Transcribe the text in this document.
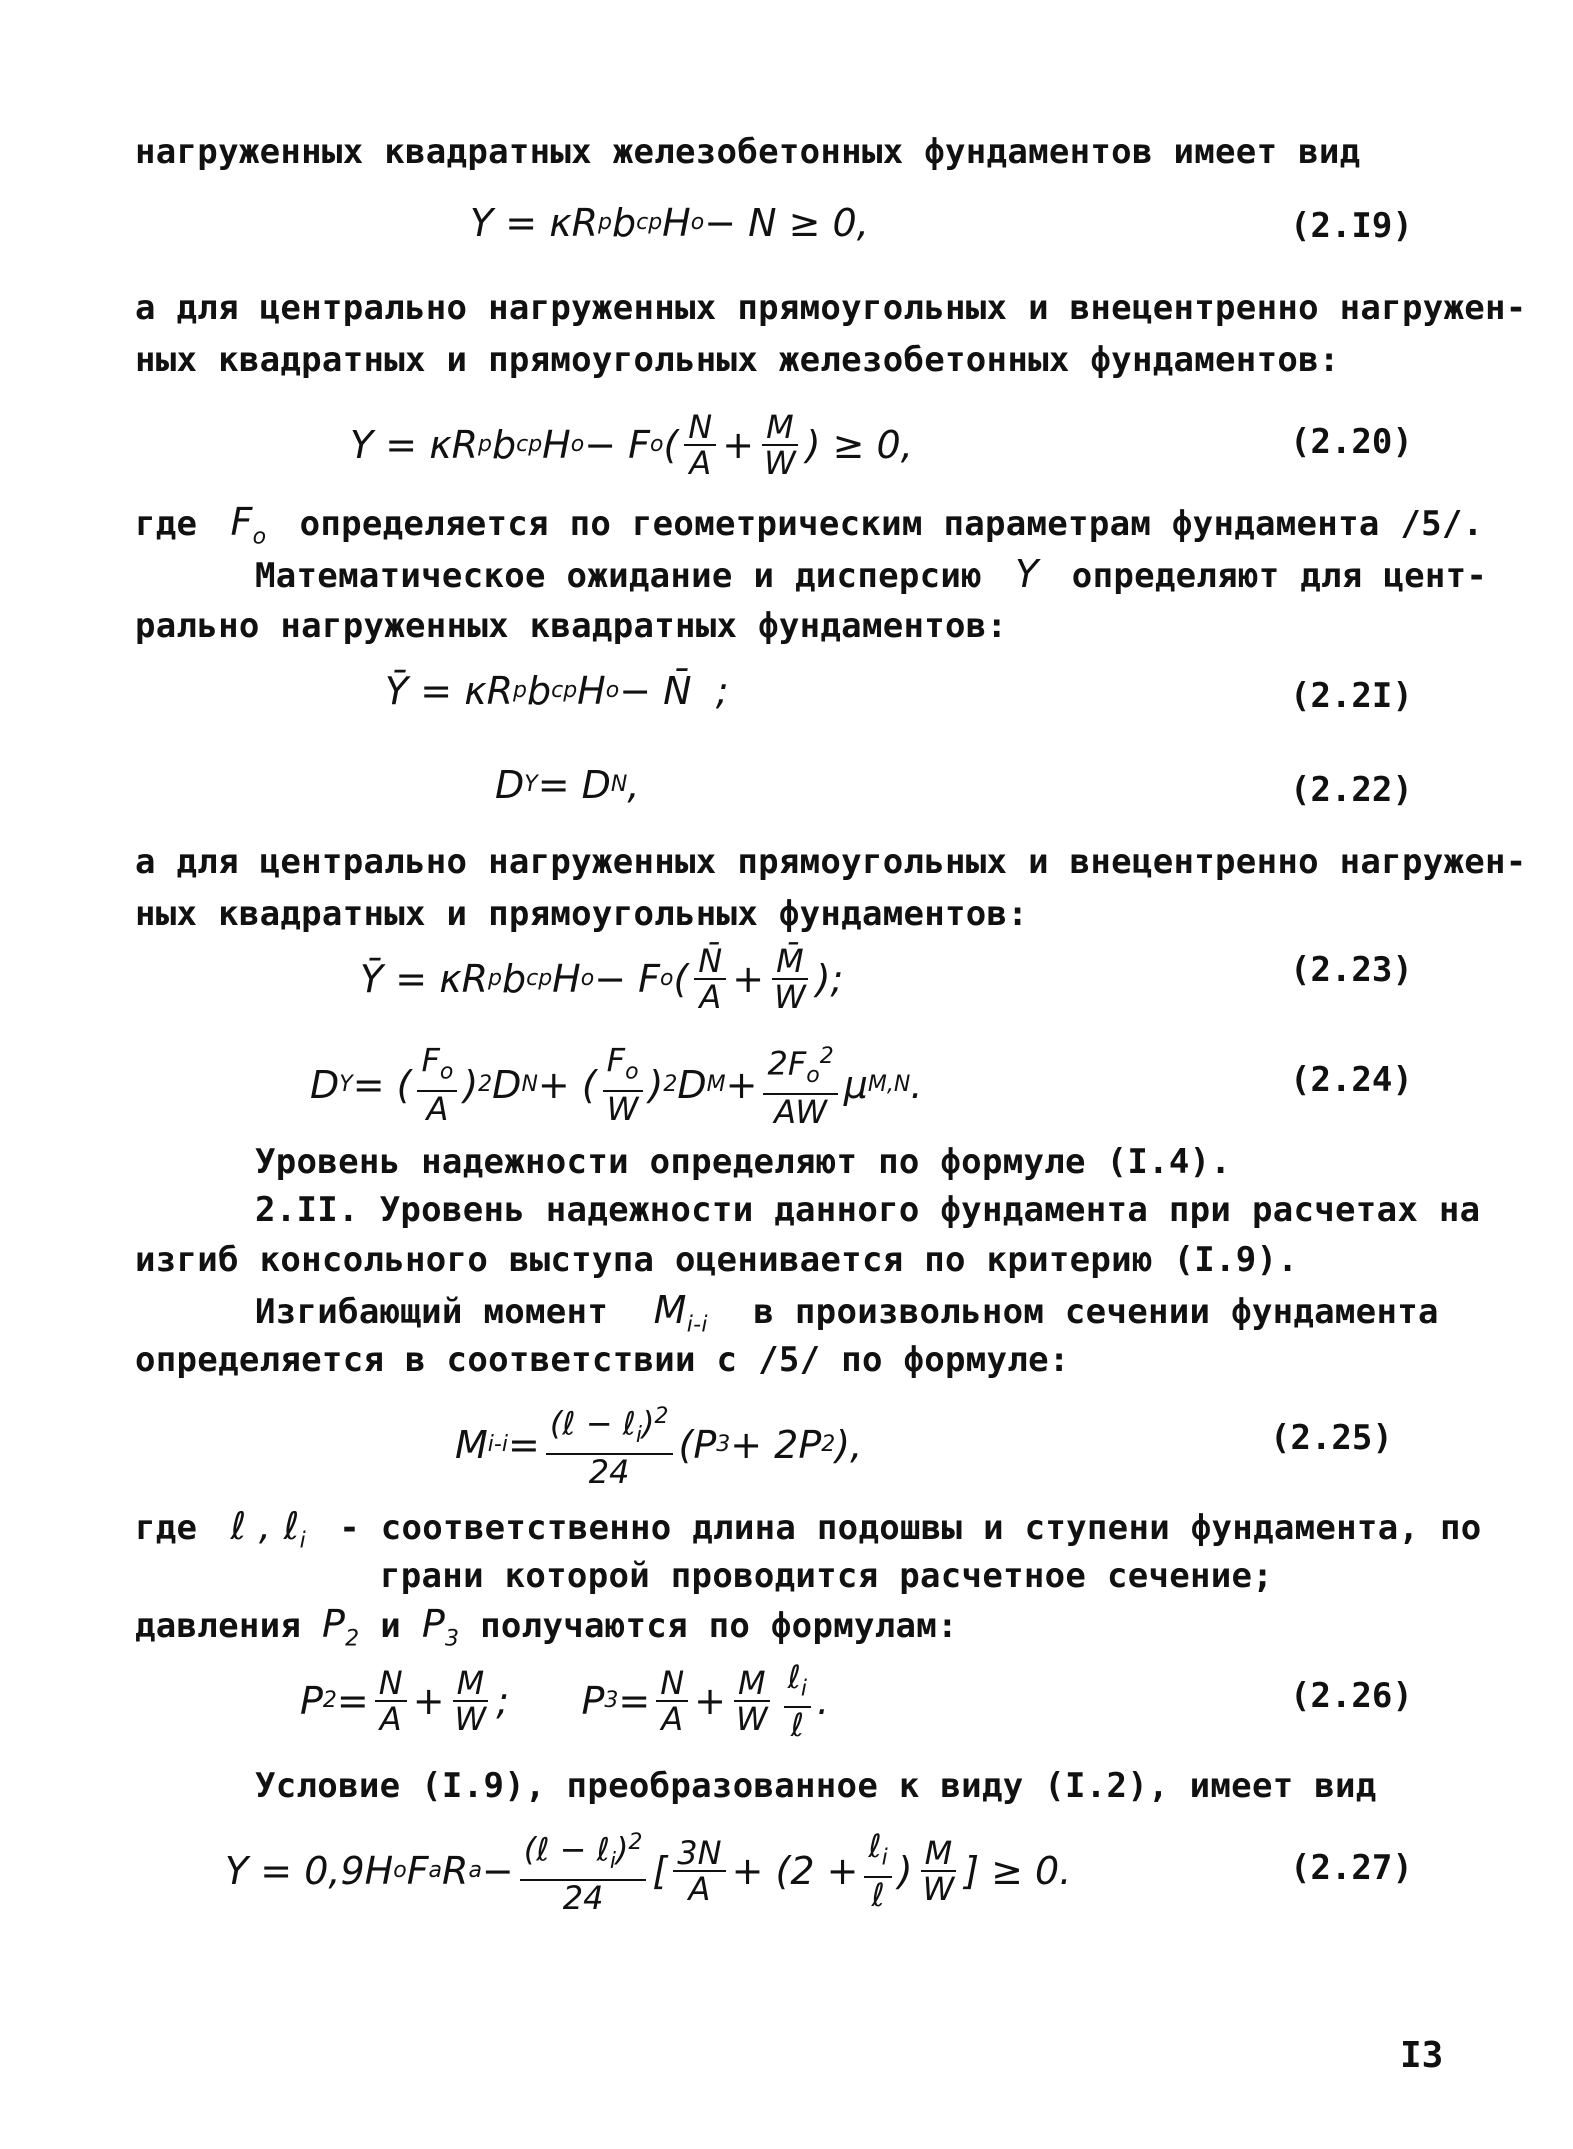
нагруженных квадратных железобетонных фундаментов имеет вид
Y = κR p b cp H o − N ≥ 0,	(2.I9)
а для центрально нагруженных прямоугольных и внецентренно нагружен-
ных квадратных и прямоугольных железобетонных фундаментов:
Y = κR p b cp H o − F o ( $\frac{N}{A} + \frac{M}{W}$ ) ≥ 0,	(2.20)
где  $F_o$ определяется по геометрическим параметрам фундамента /5/.
Математическое ожидание и дисперсию  Y  определяют для цент-
рально нагруженных квадратных фундаментов:
Ȳ = κR p b cp H o − N̄  ;	(2.2I)
D Y = D N ,	(2.22)
а для центрально нагруженных прямоугольных и внецентренно нагружен-
ных квадратных и прямоугольных фундаментов:
Ȳ = κR p b cp H o − F o ( $\frac{N̄}{A} + \frac{M̄}{W}$ );	(2.23)
D Y = ( $\frac{F_o}{A}$ ) 2 D N + ( $\frac{F_o}{W}$ ) 2 D $M + \frac{2F_o^2}{AW}$ μ M,N .	(2.24)
Уровень надежности определяют по формуле (I.4).
2.II. Уровень надежности данного фундамента при расчетах на
изгиб консольного выступа оценивается по критерию (I.9).
Изгибающий момент   $M_{i-i}$ в произвольном сечении фундамента
определяется в соответствии с /5/ по формуле:
M $i-i = \frac{(\ell - \ell_i)^2}{24} (P$ 3 + 2P 2 ),	(2.25)
где  ℓ , ℓ$_i$ - соответственно длина подошвы и ступени фундамента, по
грани которой проводится расчетное сечение;
давления $P_2$ и $P_3$ получаются по формулам:
P $2 = \frac{N}{A} + \frac{M}{W}$ ;      P $3 = \frac{N}{A} + \frac{M}{W} \frac{\ell_i}{\text{ℓ}}$ .	(2.26)
Условие (I.9), преобразованное к виду (I.2), имеет вид
Y = 0,9H o F a R $a - \frac{(\ell - \ell_i)^2}{24}$ [ $\frac{3N}{A} + (2 + \frac{\ell_i}{\text{ℓ}}$ ) $\frac{M}{W}$ ] ≥ 0.	(2.27)
I3
